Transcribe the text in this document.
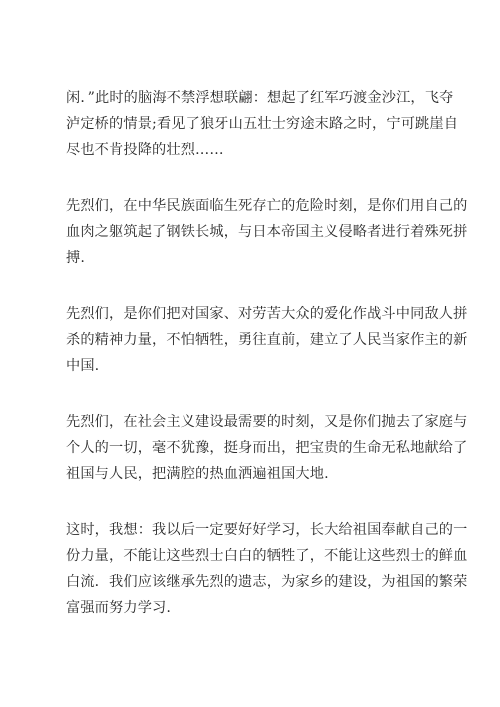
闲．”此时的脑海不禁浮想联翩：想起了红军巧渡金沙江，飞夺
泸定桥的情景;看见了狼牙山五壮士穷途末路之时，宁可跳崖自
尽也不肯投降的壮烈……
先烈们，在中华民族面临生死存亡的危险时刻，是你们用自己的
血肉之躯筑起了钢铁长城，与日本帝国主义侵略者进行着殊死拼
搏.
先烈们，是你们把对国家、对劳苦大众的爱化作战斗中同敌人拼
杀的精神力量，不怕牺牲，勇往直前，建立了人民当家作主的新
中国.
先烈们，在社会主义建设最需要的时刻，又是你们抛去了家庭与
个人的一切，毫不犹豫，挺身而出，把宝贵的生命无私地献给了
祖国与人民，把满腔的热血洒遍祖国大地.
这时，我想：我以后一定要好好学习，长大给祖国奉献自己的一
份力量，不能让这些烈士白白的牺牲了，不能让这些烈士的鲜血
白流．我们应该继承先烈的遗志，为家乡的建设，为祖国的繁荣
富强而努力学习.
